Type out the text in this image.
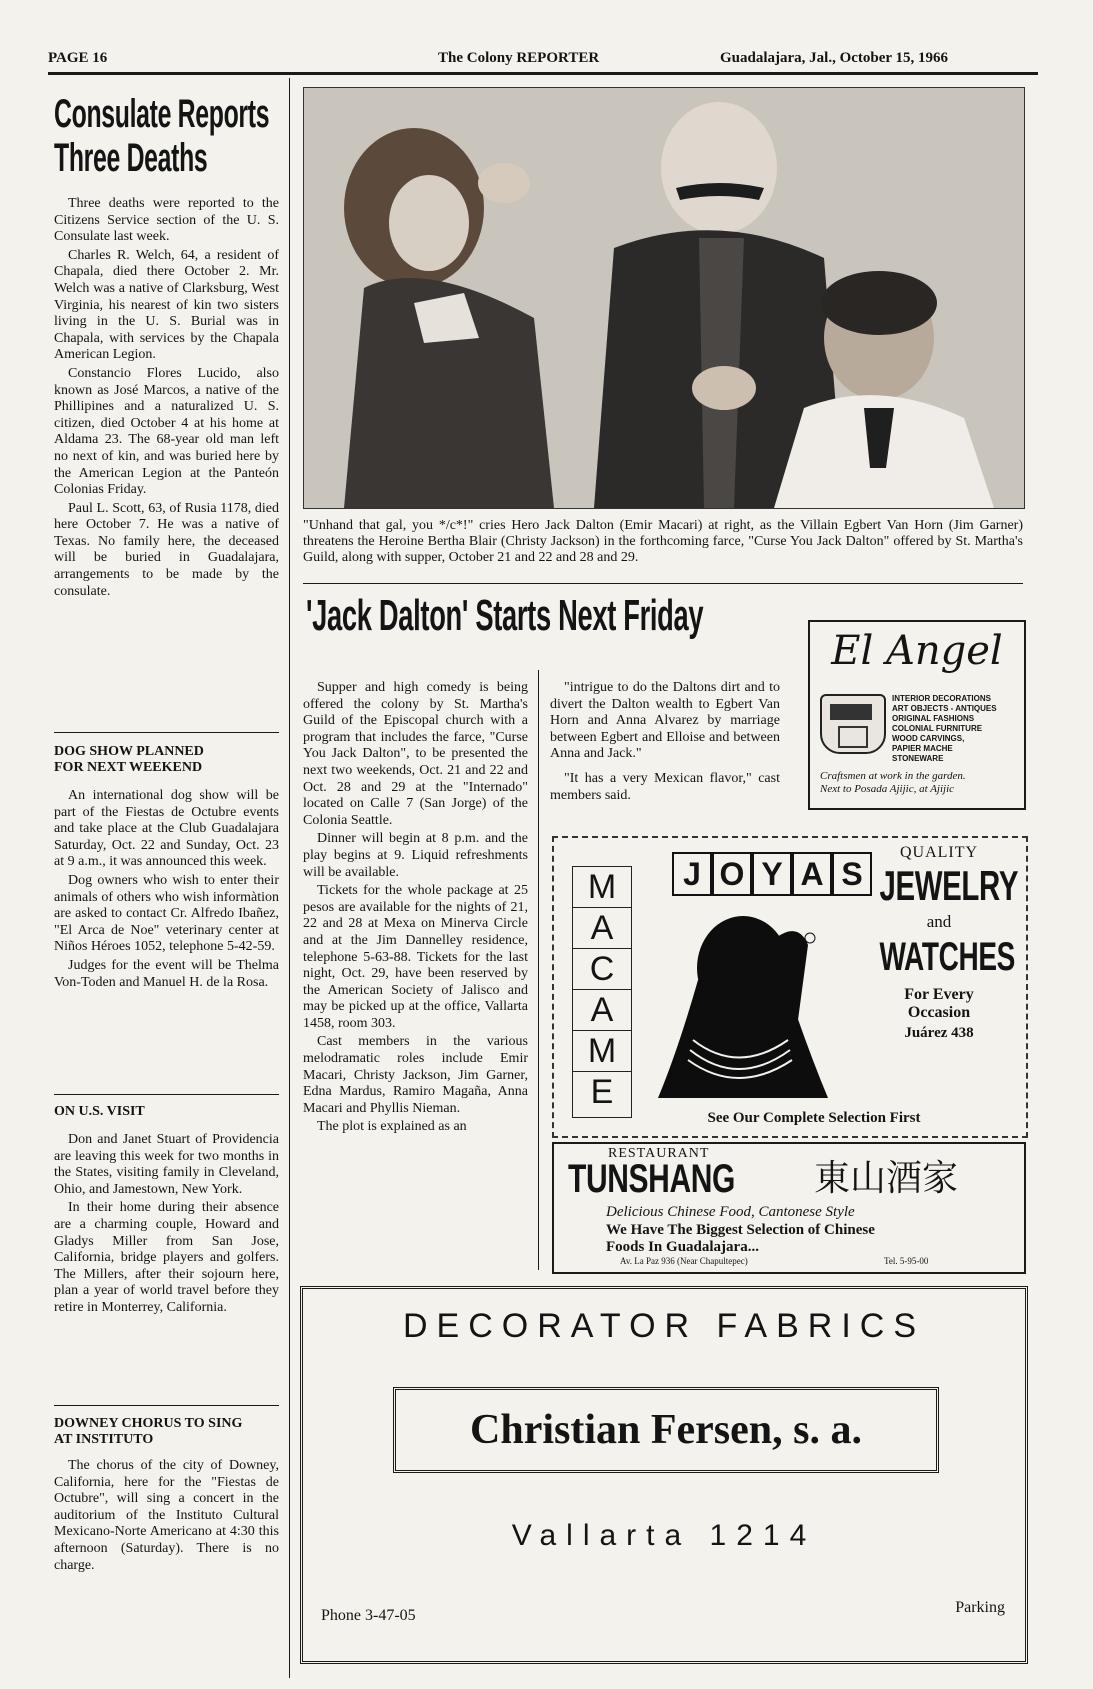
PAGE 16	The Colony REPORTER	Guadalajara, Jal., October 15, 1966
Consulate Reports
Three Deaths

Three deaths were reported to the Citizens Service section of the U. S. Consulate last week.

Charles R. Welch, 64, a resident of Chapala, died there October 2. Mr. Welch was a native of Clarksburg, West Virginia, his nearest of kin two sisters living in the U. S. Burial was in Chapala, with services by the Chapala American Legion.

Constancio Flores Lucido, also known as José Marcos, a native of the Phillipines and a naturalized U. S. citizen, died October 4 at his home at Aldama 23. The 68-year old man left no next of kin, and was buried here by the American Legion at the Panteón Colonias Friday.

Paul L. Scott, 63, of Rusia 1178, died here October 7. He was a native of Texas. No family here, the deceased will be buried in Guadalajara, arrangements to be made by the consulate.

DOG SHOW PLANNED
FOR NEXT WEEKEND

An international dog show will be part of the Fiestas de Octubre events and take place at the Club Guadalajara Saturday, Oct. 22 and Sunday, Oct. 23 at 9 a.m., it was announced this week.

Dog owners who wish to enter their animals of others who wish informàtion are asked to contact Cr. Alfredo Ibañez, "El Arca de Noe" veterinary center at Niños Héroes 1052, telephone 5-42-59.

Judges for the event will be Thelma Von-Toden and Manuel H. de la Rosa.

ON U.S. VISIT

Don and Janet Stuart of Providencia are leaving this week for two months in the States, visiting family in Cleveland, Ohio, and Jamestown, New York.

In their home during their absence are a charming couple, Howard and Gladys Miller from San Jose, California, bridge players and golfers. The Millers, after their sojourn here, plan a year of world travel before they retire in Monterrey, California.

DOWNEY CHORUS TO SING
AT INSTITUTO

The chorus of the city of Downey, California, here for the "Fiestas de Octubre", will sing a concert in the auditorium of the Instituto Cultural Mexicano-Norte Americano at 4:30 this afternoon (Saturday). There is no charge.

"Unhand that gal, you */c*!" cries Hero Jack Dalton (Emir Macari) at right, as the Villain Egbert Van Horn (Jim Garner) threatens the Heroine Bertha Blair (Christy Jackson) in the forthcoming farce, "Curse You Jack Dalton" offered by St. Martha's Guild, along with supper, October 21 and 22 and 28 and 29.
'Jack Dalton' Starts Next Friday

Supper and high comedy is being offered the colony by St. Martha's Guild of the Episcopal church with a program that includes the farce, "Curse You Jack Dalton", to be presented the next two weekends, Oct. 21 and 22 and Oct. 28 and 29 at the "Internado" located on Calle 7 (San Jorge) of the Colonia Seattle.

Dinner will begin at 8 p.m. and the play begins at 9. Liquid refreshments will be available.

Tickets for the whole package at 25 pesos are available for the nights of 21, 22 and 28 at Mexa on Minerva Circle and at the Jim Dannelley residence, telephone 5-63-88. Tickets for the last night, Oct. 29, have been reserved by the American Society of Jalisco and may be picked up at the office, Vallarta 1458, room 303.

Cast members in the various melodramatic roles include Emir Macari, Christy Jackson, Jim Garner, Edna Mardus, Ramiro Magaña, Anna Macari and Phyllis Nieman.

The plot is explained as an

"intrigue to do the Daltons dirt and to divert the Dalton wealth to Egbert Van Horn and Anna Alvarez by marriage between Egbert and Elloise and between Anna and Jack."

"It has a very Mexican flavor," cast members said.

El Angel
INTERIOR DECORATIONS
ART OBJECTS - ANTIQUES
ORIGINAL FASHIONS
COLONIAL FURNITURE
WOOD CARVINGS,
PAPIER MACHE
STONEWARE
Craftsmen at work in the garden.
Next to Posada Ajijic, at Ajijic
M
A
C
A
M
E
J O Y A S
QUALITY
JEWELRY
and
WATCHES
For Every
Occasion
Juárez 438
See Our Complete Selection First
RESTAURANT
TUNSHANG 東山酒家
Delicious Chinese Food, Cantonese Style
We Have The Biggest Selection of Chinese
Foods In Guadalajara...
Av. La Paz 936 (Near Chapultepec)	Tel. 5-95-00
DECORATOR FABRICS
Christian Fersen, s. a.
Vallarta 1214
Phone 3-47-05	Parking
